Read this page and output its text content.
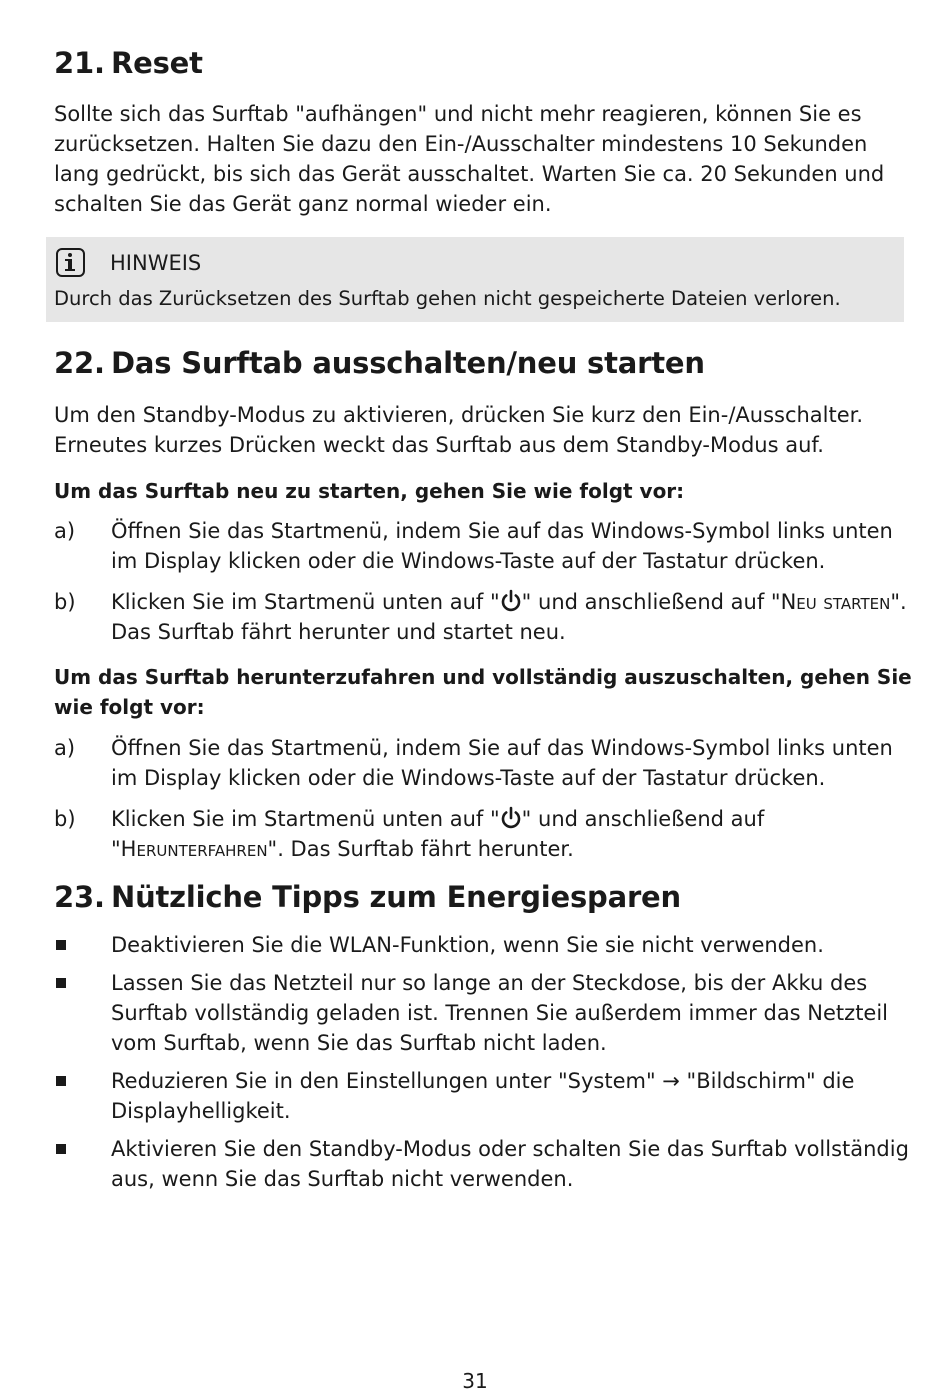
21. Reset

Sollte sich das Surftab "aufhängen" und nicht mehr reagieren, können Sie es zurücksetzen. Halten Sie dazu den Ein-/Ausschalter mindestens 10 Sekunden lang gedrückt, bis sich das Gerät ausschaltet. Warten Sie ca. 20 Sekunden und schalten Sie das Gerät ganz normal wieder ein.

HINWEIS
Durch das Zurücksetzen des Surftab gehen nicht gespeicherte Dateien verloren.
22. Das Surftab ausschalten/neu starten

Um den Standby-Modus zu aktivieren, drücken Sie kurz den Ein-/Ausschalter. Erneutes kurzes Drücken weckt das Surftab aus dem Standby-Modus auf.

Um das Surftab neu zu starten, gehen Sie wie folgt vor:

a)	Öffnen Sie das Startmenü, indem Sie auf das Windows-Symbol links unten im Display klicken oder die Windows-Taste auf der Tastatur drücken.
b)	Klicken Sie im Startmenü unten auf " " und anschließend auf "Neu starten". Das Surftab fährt herunter und startet neu.

Um das Surftab herunterzufahren und vollständig auszuschalten, gehen Sie wie folgt vor:

a)	Öffnen Sie das Startmenü, indem Sie auf das Windows-Symbol links unten im Display klicken oder die Windows-Taste auf der Tastatur drücken.
b)	Klicken Sie im Startmenü unten auf " " und anschließend auf "Herunterfahren". Das Surftab fährt herunter.
23. Nützliche Tipps zum Energiesparen
Deaktivieren Sie die WLAN-Funktion, wenn Sie sie nicht verwenden.
Lassen Sie das Netzteil nur so lange an der Steckdose, bis der Akku des Surftab vollständig geladen ist. Trennen Sie außerdem immer das Netzteil vom Surftab, wenn Sie das Surftab nicht laden.
Reduzieren Sie in den Einstellungen unter "System" → "Bildschirm" die Displayhelligkeit.
Aktivieren Sie den Standby-Modus oder schalten Sie das Surftab vollständig aus, wenn Sie das Surftab nicht verwenden.
31
